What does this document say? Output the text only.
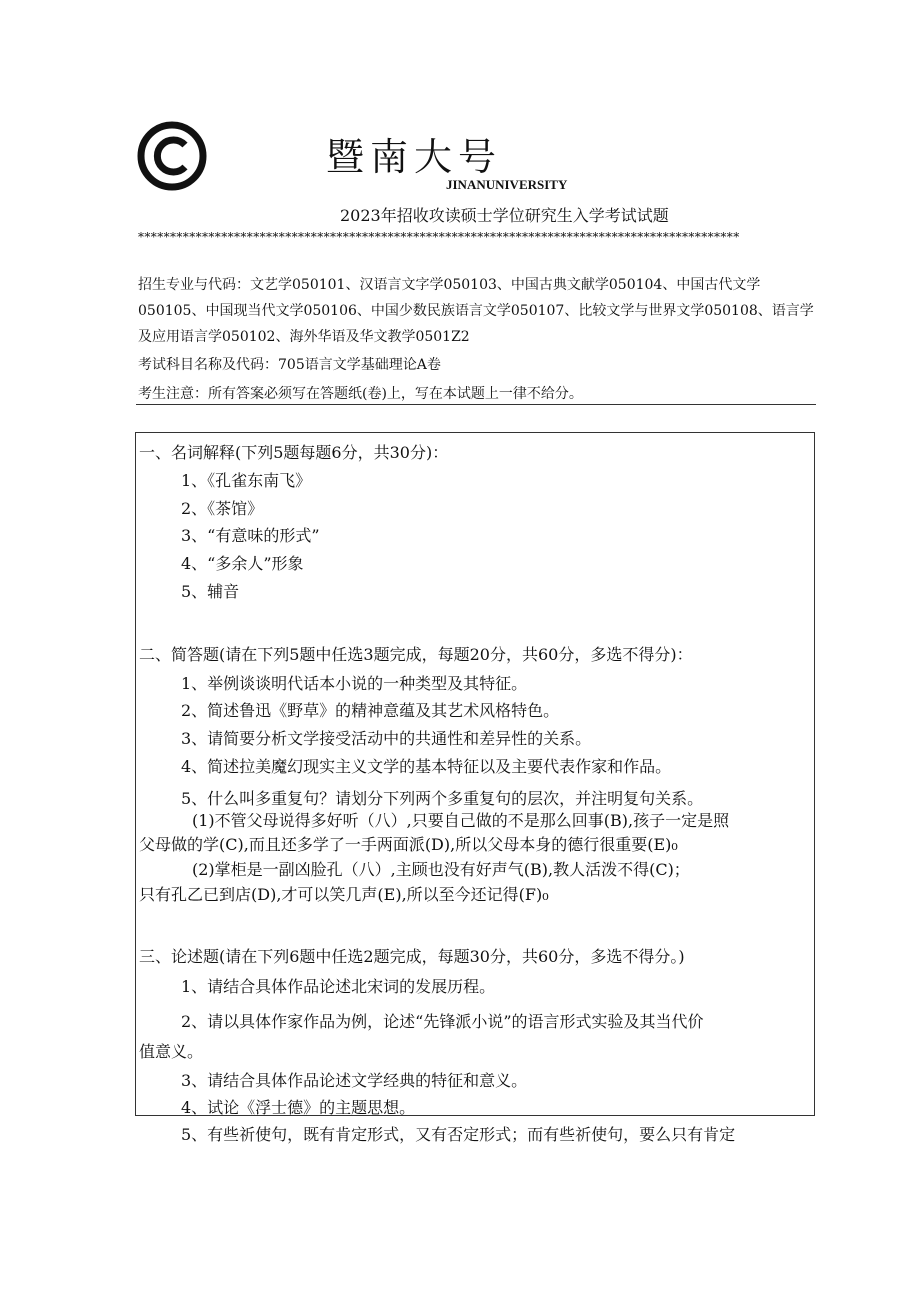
暨南大号
JINANUNIVERSITY
2023年招收攻读硕士学位研究生入学考试试题
**********************************************************************************************
招生专业与代码：文艺学050101、汉语言文字学050103、中国古典文献学050104、中国古代文学050105、中国现当代文学050106、中国少数民族语言文学050107、比较文学与世界文学050108、语言学及应用语言学050102、海外华语及华文教学0501Z2
考试科目名称及代码：705语言文学基础理论A卷
考生注意：所有答案必须写在答题纸(卷)上，写在本试题上一律不给分。
一、名词解释(下列5题每题6分，共30分)：
1、《孔雀东南飞》
2、《茶馆》
3、“有意味的形式”
4、“多余人”形象
5、辅音
二、简答题(请在下列5题中任选3题完成，每题20分，共60分，多选不得分)：
1、举例谈谈明代话本小说的一种类型及其特征。
2、简述鲁迅《野草》的精神意蕴及其艺术风格特色。
3、请简要分析文学接受活动中的共通性和差异性的关系。
4、简述拉美魔幻现实主义文学的基本特征以及主要代表作家和作品。
5、什么叫多重复句？请划分下列两个多重复句的层次，并注明复句关系。
(1)不管父母说得多好听（八）,只要自己做的不是那么回事(B),孩子一定是照
父母做的学(C),而且还多学了一手两面派(D),所以父母本身的德行很重要(E)₀
(2)掌柜是一副凶脸孔（八）,主顾也没有好声气(B),教人活泼不得(C)；
只有孔乙已到店(D),才可以笑几声(E),所以至今还记得(F)₀
三、论述题(请在下列6题中任选2题完成，每题30分，共60分，多选不得分。)
1、请结合具体作品论述北宋词的发展历程。
2、请以具体作家作品为例，论述“先锋派小说”的语言形式实验及其当代价
值意义。
3、请结合具体作品论述文学经典的特征和意义。
4、试论《浮士德》的主题思想。
5、有些祈使句，既有肯定形式，又有否定形式；而有些祈使句，要么只有肯定
